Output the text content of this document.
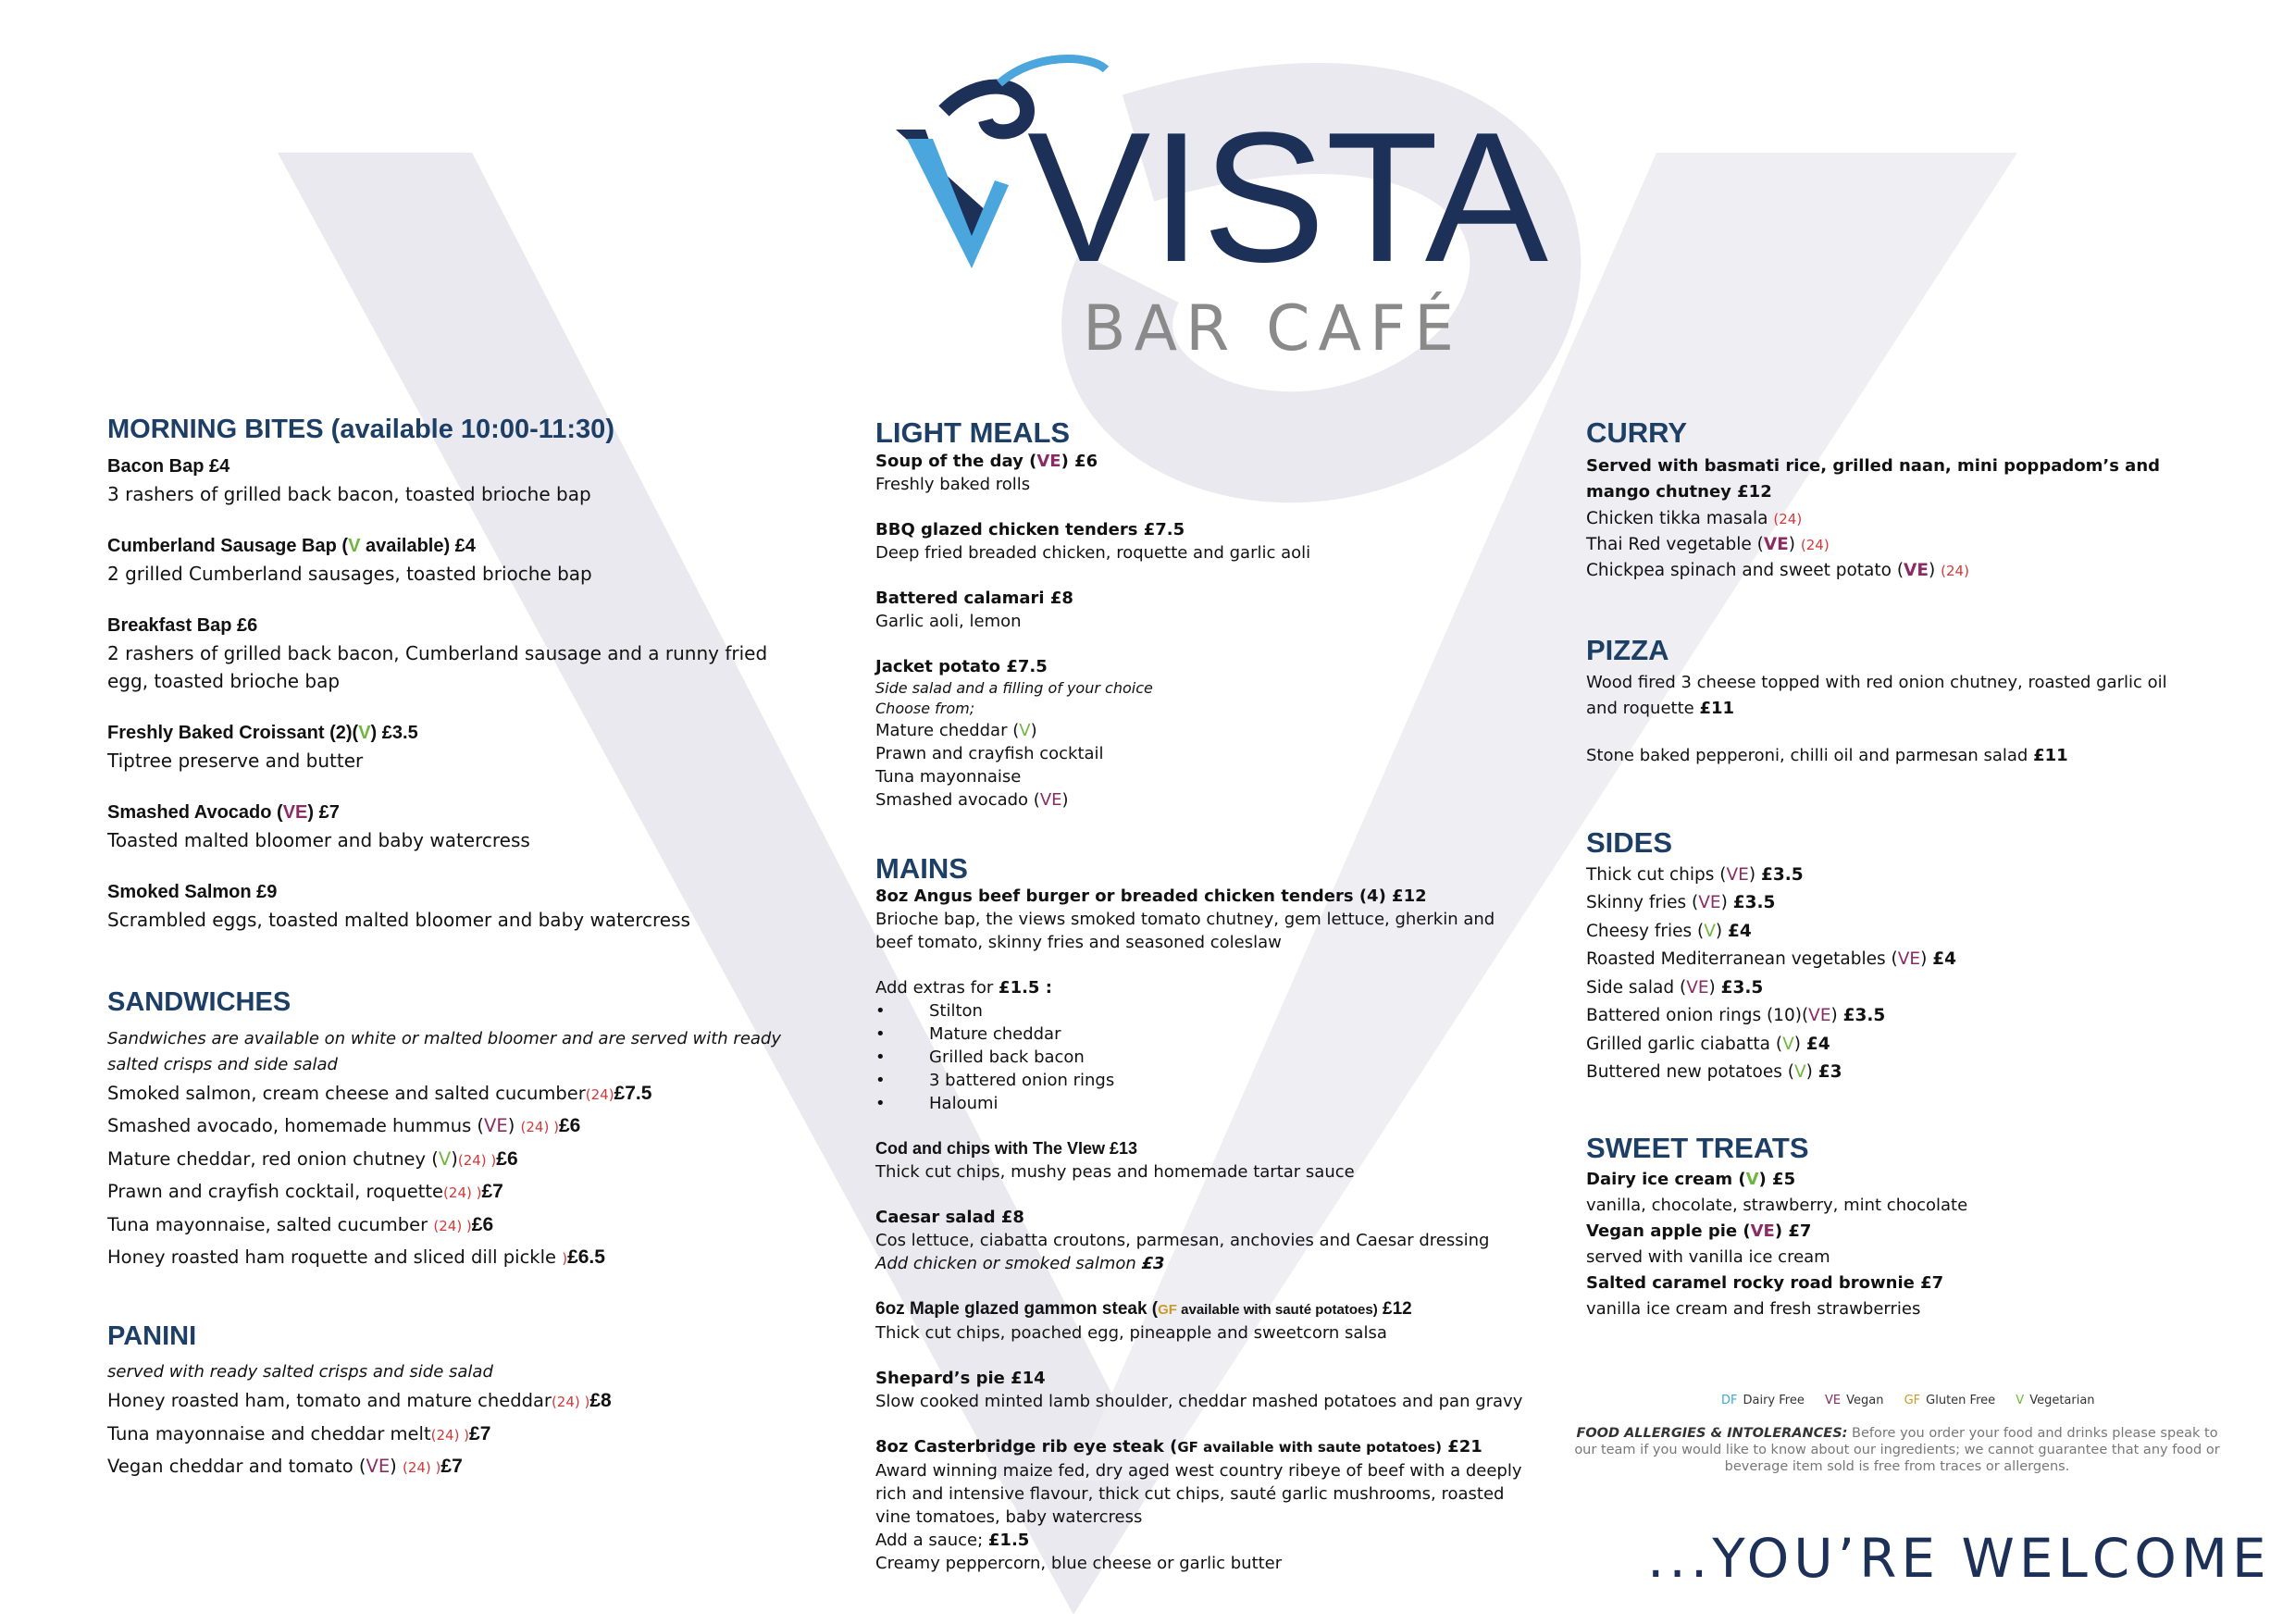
VISTA
BAR CAFÉ
MORNING BITES (available 10:00-11:30)
Bacon Bap £4
3 rashers of grilled back bacon, toasted brioche bap
Cumberland Sausage Bap (V available) £4
2 grilled Cumberland sausages, toasted brioche bap
Breakfast Bap £6
2 rashers of grilled back bacon, Cumberland sausage and a runny fried egg, toasted brioche bap
Freshly Baked Croissant (2)(V) £3.5
Tiptree preserve and butter
Smashed Avocado (VE) £7
Toasted malted bloomer and baby watercress
Smoked Salmon £9
Scrambled eggs, toasted malted bloomer and baby watercress
SANDWICHES
Sandwiches are available on white or malted bloomer and are served with ready salted crisps and side salad
Smoked salmon, cream cheese and salted cucumber(24)£7.5
Smashed avocado, homemade hummus (VE) (24) )£6
Mature cheddar, red onion chutney (V)(24) )£6
Prawn and crayfish cocktail, roquette(24) )£7
Tuna mayonnaise, salted cucumber (24) )£6
Honey roasted ham roquette and sliced dill pickle )£6.5
PANINI
served with ready salted crisps and side salad
Honey roasted ham, tomato and mature cheddar(24) )£8
Tuna mayonnaise and cheddar melt(24) )£7
Vegan cheddar and tomato (VE) (24) )£7
LIGHT MEALS
Soup of the day (VE) £6
Freshly baked rolls
BBQ glazed chicken tenders £7.5
Deep fried breaded chicken, roquette and garlic aoli
Battered calamari £8
Garlic aoli, lemon
Jacket potato £7.5
Side salad and a filling of your choice
Choose from;
Mature cheddar (V)
Prawn and crayfish cocktail
Tuna mayonnaise
Smashed avocado (VE)
MAINS
8oz Angus beef burger or breaded chicken tenders (4) £12
Brioche bap, the views smoked tomato chutney, gem lettuce, gherkin and beef tomato, skinny fries and seasoned coleslaw
Add extras for £1.5 :
•	Stilton
•	Mature cheddar
•	Grilled back bacon
•	3 battered onion rings
•	Haloumi
Cod and chips with The VIew £13
Thick cut chips, mushy peas and homemade tartar sauce
Caesar salad £8
Cos lettuce, ciabatta croutons, parmesan, anchovies and Caesar dressing
Add chicken or smoked salmon £3
6oz Maple glazed gammon steak (GF available with sauté potatoes) £12
Thick cut chips, poached egg, pineapple and sweetcorn salsa
Shepard’s pie £14
Slow cooked minted lamb shoulder, cheddar mashed potatoes and pan gravy
8oz Casterbridge rib eye steak (GF available with saute potatoes) £21
Award winning maize fed, dry aged west country ribeye of beef with a deeply rich and intensive flavour, thick cut chips, sauté garlic mushrooms, roasted vine tomatoes, baby watercress
Add a sauce; £1.5
Creamy peppercorn, blue cheese or garlic butter
CURRY
Served with basmati rice, grilled naan, mini poppadom’s and mango chutney £12
Chicken tikka masala (24)
Thai Red vegetable (VE) (24)
Chickpea spinach and sweet potato (VE) (24)
PIZZA
Wood fired 3 cheese topped with red onion chutney, roasted garlic oil and roquette £11
Stone baked pepperoni, chilli oil and parmesan salad £11
SIDES
Thick cut chips (VE) £3.5
Skinny fries (VE) £3.5
Cheesy fries (V) £4
Roasted Mediterranean vegetables (VE) £4
Side salad (VE) £3.5
Battered onion rings (10)(VE) £3.5
Grilled garlic ciabatta (V) £4
Buttered new potatoes (V) £3
SWEET TREATS
Dairy ice cream (V) £5
vanilla, chocolate, strawberry, mint chocolate
Vegan apple pie (VE) £7
served with vanilla ice cream
Salted caramel rocky road brownie £7
vanilla ice cream and fresh strawberries
DF Dairy Free VE Vegan GF Gluten Free V Vegetarian
FOOD ALLERGIES & INTOLERANCES: Before you order your food and drinks please speak to our team if you would like to know about our ingredients; we cannot guarantee that any food or beverage item sold is free from traces or allergens.
...YOU’RE WELCOME
